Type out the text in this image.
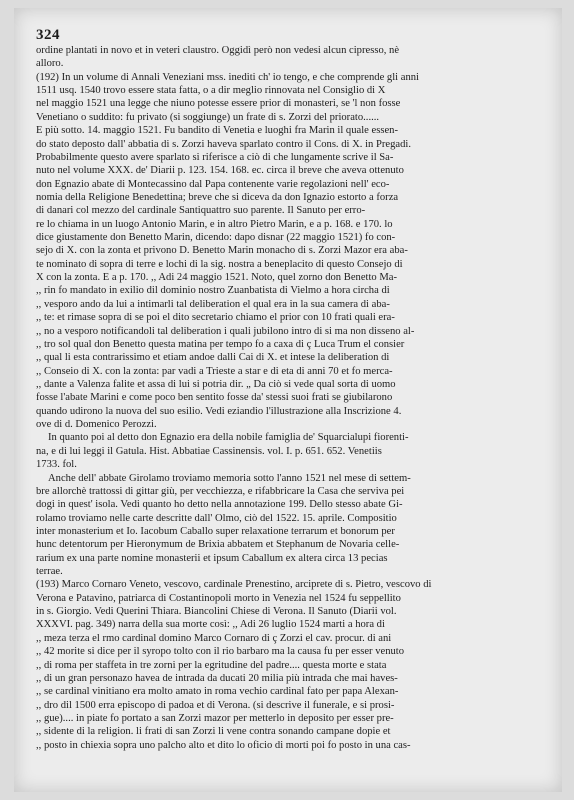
324
ordine plantati in novo et in veteri claustro. Oggidì però non vedesi alcun cipresso, nè
alloro.
(192) In un volume di Annali Veneziani mss. inediti ch' io tengo, e che comprende gli anni
1511 usq. 1540 trovo essere stata fatta, o a dir meglio rinnovata nel Consiglio di X
nel maggio 1521 una legge che niuno potesse essere prior di monasteri, se 'l non fosse
Venetiano o suddito: fu privato (si soggiunge) un frate di s. Zorzi del priorato......
E più sotto. 14. maggio 1521. Fu bandito di Venetia e luoghi fra Marin il quale essen-
do stato deposto dall' abbatia di s. Zorzi haveva sparlato contro il Cons. di X. in Pregadi.
Probabilmente questo avere sparlato si riferisce a ciò di che lungamente scrive il Sa-
nuto nel volume XXX. de' Diarii p. 123. 154. 168. ec. circa il breve che aveva ottenuto
don Egnazio abate di Montecassino dal Papa contenente varie regolazioni nell' eco-
nomia della Religione Benedettina; breve che si diceva da don Ignazio estorto a forza
di danari col mezzo del cardinale Santiquattro suo parente. Il Sanuto per erro-
re lo chiama in un luogo Antonio Marin, e in altro Pietro Marin, e a p. 168. e 170. lo
dice giustamente don Benetto Marin, dicendo: dapo disnar (22 maggio 1521) fo con-
sejo di X. con la zonta et privono D. Benetto Marin monacho di s. Zorzi Mazor era aba-
te nominato di sopra di terre e lochi di la sig. nostra a beneplacito di questo Consejo di
X con la zonta. E a p. 170. ,, Adi 24 maggio 1521. Noto, quel zorno don Benetto Ma-
,, rin fo mandato in exilio dil dominio nostro Zuanbatista di Vielmo a hora circha di
,, vesporo ando da lui a intimarli tal deliberation el qual era in la sua camera di aba-
,, te: et rimase sopra di se poi el dito secretario chiamo el prior con 10 frati quali era-
,, no a vesporo notificandoli tal deliberation i quali jubilono intro di si ma non disseno al-
,, tro sol qual don Benetto questa matina per tempo fo a caxa di ç Luca Trum el consier
,, qual li esta contrarissimo et etiam andoe dalli Cai di X. et intese la deliberation di
,, Conseio di X. con la zonta: par vadi a Trieste a star e di eta di anni 70 et fo merca-
,, dante a Valenza falite et assa di lui si potria dir. „ Da ciò si vede qual sorta di uomo
fosse l'abate Marini e come poco ben sentito fosse da' stessi suoi frati se giubilarono
quando udirono la nuova del suo esilio. Vedi eziandio l'illustrazione alla Inscrizione 4.
ove di d. Domenico Perozzi.
In quanto poi al detto don Egnazio era della nobile famiglia de' Squarcialupi fiorenti-
na, e di lui leggi il Gatula. Hist. Abbatiae Cassinensis. vol. I. p. 651. 652. Venetiis
1733. fol.
Anche dell' abbate Girolamo troviamo memoria sotto l'anno 1521 nel mese di settem-
bre allorchè trattossi di gittar giù, per vecchiezza, e rifabbricare la Casa che serviva pei
dogi in quest' isola. Vedi quanto ho detto nella annotazione 199. Dello stesso abate Gi-
rolamo troviamo nelle carte descritte dall' Olmo, ciò del 1522. 15. aprile. Compositio
inter monasterium et Io. Iacobum Caballo super relaxatione terrarum et bonorum per
hunc detentorum per Hieronymum de Brixia abbatem et Stephanum de Novaria celle-
rarium ex una parte nomine monasterii et ipsum Caballum ex altera circa 13 pecias
terrae.
(193) Marco Cornaro Veneto, vescovo, cardinale Prenestino, arciprete di s. Pietro, vescovo di
Verona e Patavino, patriarca di Costantinopoli morto in Venezia nel 1524 fu seppellito
in s. Giorgio. Vedi Querini Thiara. Biancolini Chiese di Verona. Il Sanuto (Diarii vol.
XXXVI. pag. 349) narra della sua morte così: ,, Adi 26 luglio 1524 marti a hora di
,, meza terza el rmo cardinal domino Marco Cornaro di ç Zorzi el cav. procur. di ani
,, 42 morite si dice per il syropo tolto con il rio barbaro ma la causa fu per esser venuto
,, di roma per staffeta in tre zorni per la egritudine del padre.... questa morte e stata
,, di un gran personazo havea de intrada da ducati 20 milia più intrada che mai haves-
,, se cardinal vinitiano era molto amato in roma vechio cardinal fato per papa Alexan-
,, dro dil 1500 erra episcopo di padoa et di Verona. (si descrive il funerale, e si prosi-
,, gue).... in piate fo portato a san Zorzi mazor per metterlo in deposito per esser pre-
,, sidente di la religion. li frati di san Zorzi li vene contra sonando campane dopie et
,, posto in chiexia sopra uno palcho alto et dito lo oficio di morti poi fo posto in una cas-
